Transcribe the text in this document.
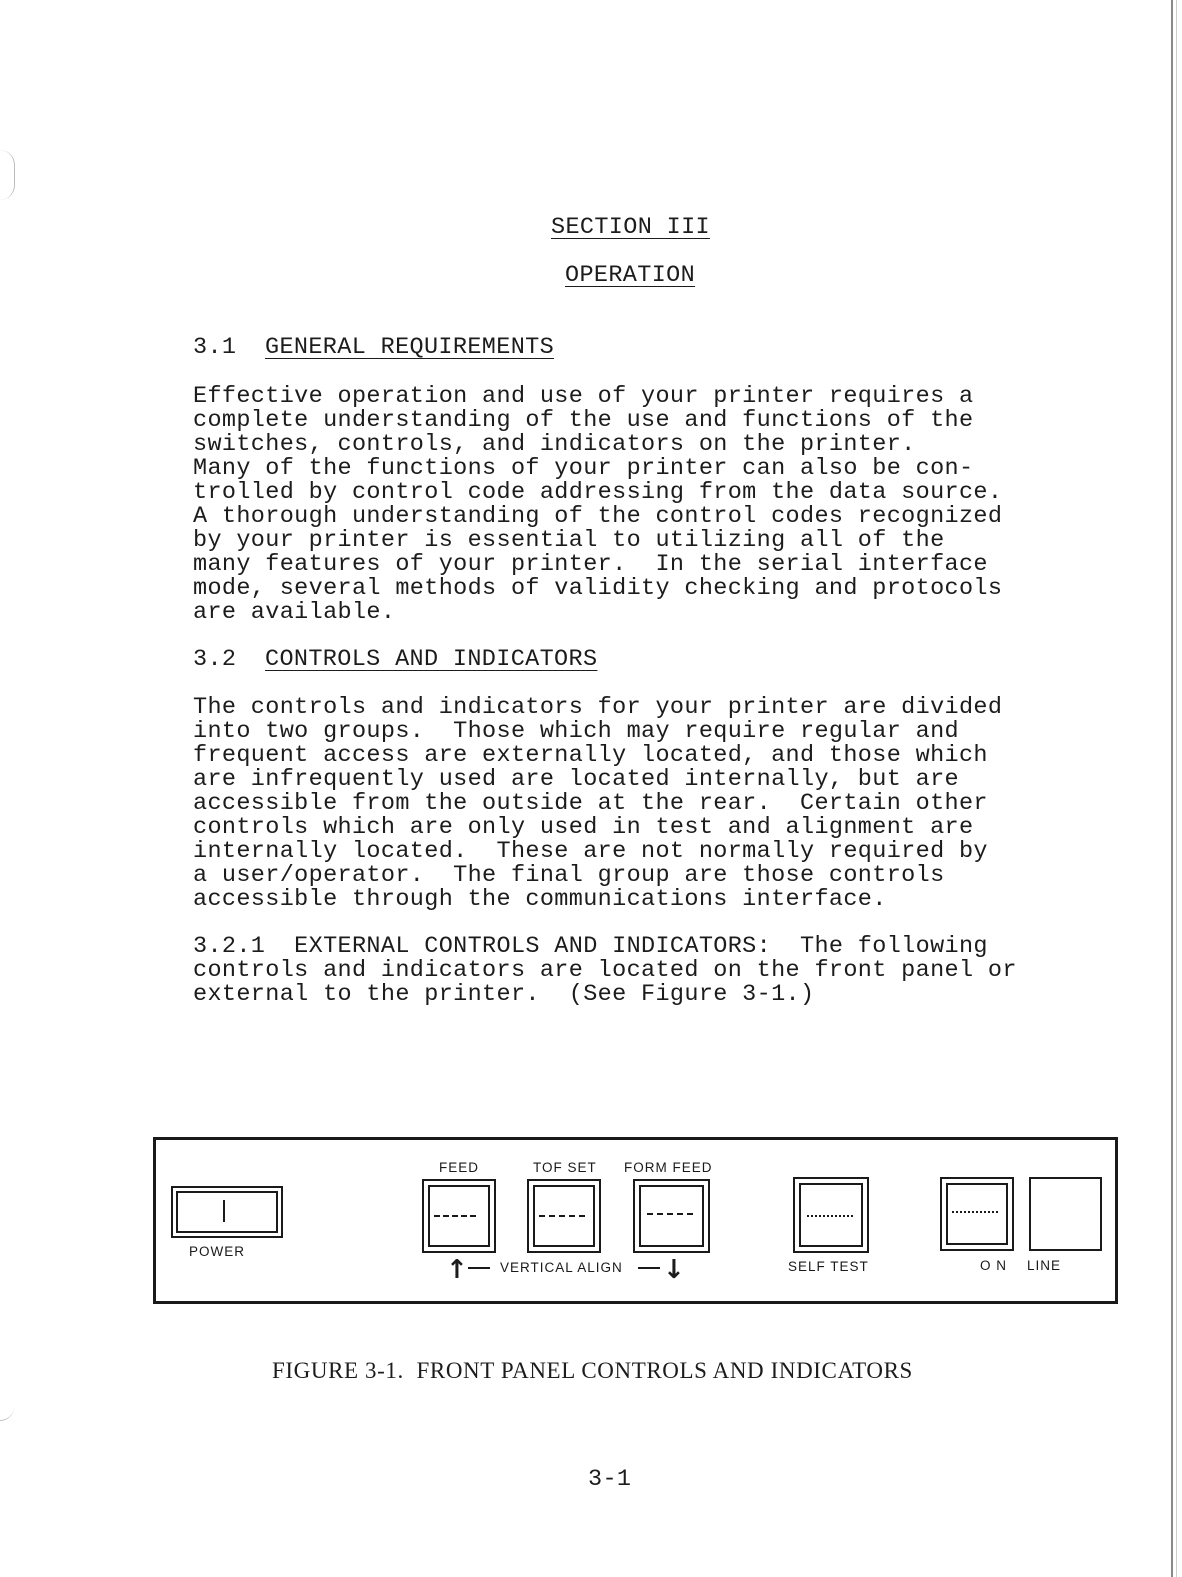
SECTION III
OPERATION
3.1 GENERAL REQUIREMENTS
Effective operation and use of your printer requires a
complete understanding of the use and functions of the
switches, controls, and indicators on the printer.
Many of the functions of your printer can also be con-
trolled by control code addressing from the data source.
A thorough understanding of the control codes recognized
by your printer is essential to utilizing all of the
many features of your printer.  In the serial interface
mode, several methods of validity checking and protocols
are available.
3.2 CONTROLS AND INDICATORS
The controls and indicators for your printer are divided
into two groups.  Those which may require regular and
frequent access are externally located, and those which
are infrequently used are located internally, but are
accessible from the outside at the rear.  Certain other
controls which are only used in test and alignment are
internally located.  These are not normally required by
a user/operator.  The final group are those controls
accessible through the communications interface.
3.2.1  EXTERNAL CONTROLS AND INDICATORS:  The following
controls and indicators are located on the front panel or
external to the printer.  (See Figure 3-1.)
POWER
FEED	TOF SET FORM FEED
↑ VERTICAL ALIGN ↓	SELF TEST	O N LINE
FIGURE 3-1.  FRONT PANEL CONTROLS AND INDICATORS
3-1
